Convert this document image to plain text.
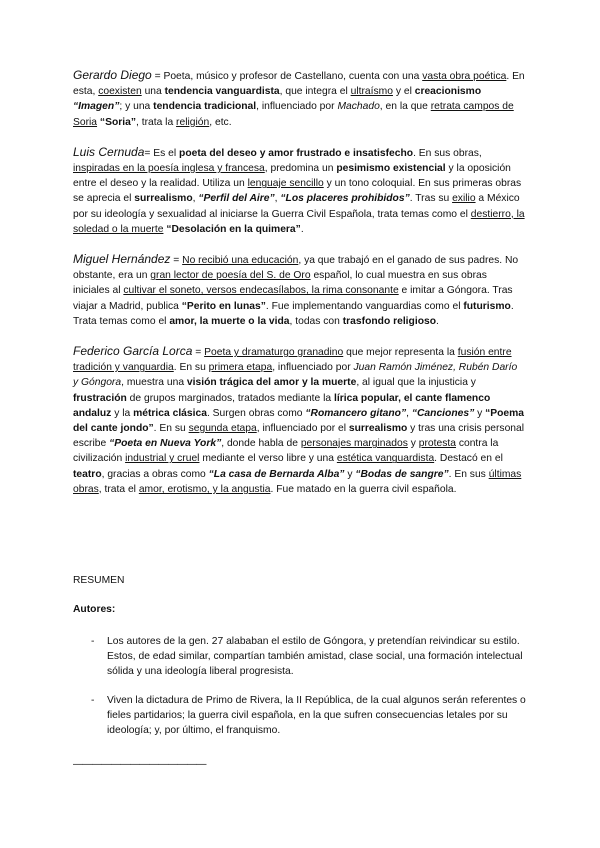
Gerardo Diego = Poeta, músico y profesor de Castellano, cuenta con una vasta obra poética. En esta, coexisten una tendencia vanguardista, que integra el ultraísmo y el creacionismo “Imagen”; y una tendencia tradicional, influenciado por Machado, en la que retrata campos de Soria “Soria”, trata la religión, etc.

Luis Cernuda= Es el poeta del deseo y amor frustrado e insatisfecho. En sus obras, inspiradas en la poesía inglesa y francesa, predomina un pesimismo existencial y la oposición entre el deseo y la realidad. Utiliza un lenguaje sencillo y un tono coloquial. En sus primeras obras se aprecia el surrealismo, “Perfil del Aire”, “Los placeres prohibidos”. Tras su exilio a México por su ideología y sexualidad al iniciarse la Guerra Civil Española, trata temas como el destierro, la soledad o la muerte “Desolación en la quimera”.

Miguel Hernández = No recibió una educación, ya que trabajó en el ganado de sus padres. No obstante, era un gran lector de poesía del S. de Oro español, lo cual muestra en sus obras iniciales al cultivar el soneto, versos endecasílabos, la rima consonante e imitar a Góngora. Tras viajar a Madrid, publica “Perito en lunas”. Fue implementando vanguardias como el futurismo. Trata temas como el amor, la muerte o la vida, todas con trasfondo religioso.

Federico García Lorca = Poeta y dramaturgo granadino que mejor representa la fusión entre tradición y vanguardia. En su primera etapa, influenciado por Juan Ramón Jiménez, Rubén Darío y Góngora, muestra una visión trágica del amor y la muerte, al igual que la injusticia y frustración de grupos marginados, tratados mediante la lírica popular, el cante flamenco andaluz y la métrica clásica. Surgen obras como “Romancero gitano”, “Canciones” y “Poema del cante jondo”. En su segunda etapa, influenciado por el surrealismo y tras una crisis personal escribe “Poeta en Nueva York”, donde habla de personajes marginados y protesta contra la civilización industrial y cruel mediante el verso libre y una estética vanguardista. Destacó en el teatro, gracias a obras como “La casa de Bernarda Alba” y “Bodas de sangre”. En sus últimas obras, trata el amor, erotismo, y la angustia. Fue matado en la guerra civil española.

RESUMEN
Autores:
- Los autores de la gen. 27 alababan el estilo de Góngora, y pretendían reivindicar su estilo. Estos, de edad similar, compartían también amistad, clase social, una formación intelectual sólida y una ideología liberal progresista.
- Viven la dictadura de Primo de Rivera, la II República, de la cual algunos serán referentes o fieles partidarios; la guerra civil española, en la que sufren consecuencias letales por su ideología; y, por último, el franquismo.
——————————————
